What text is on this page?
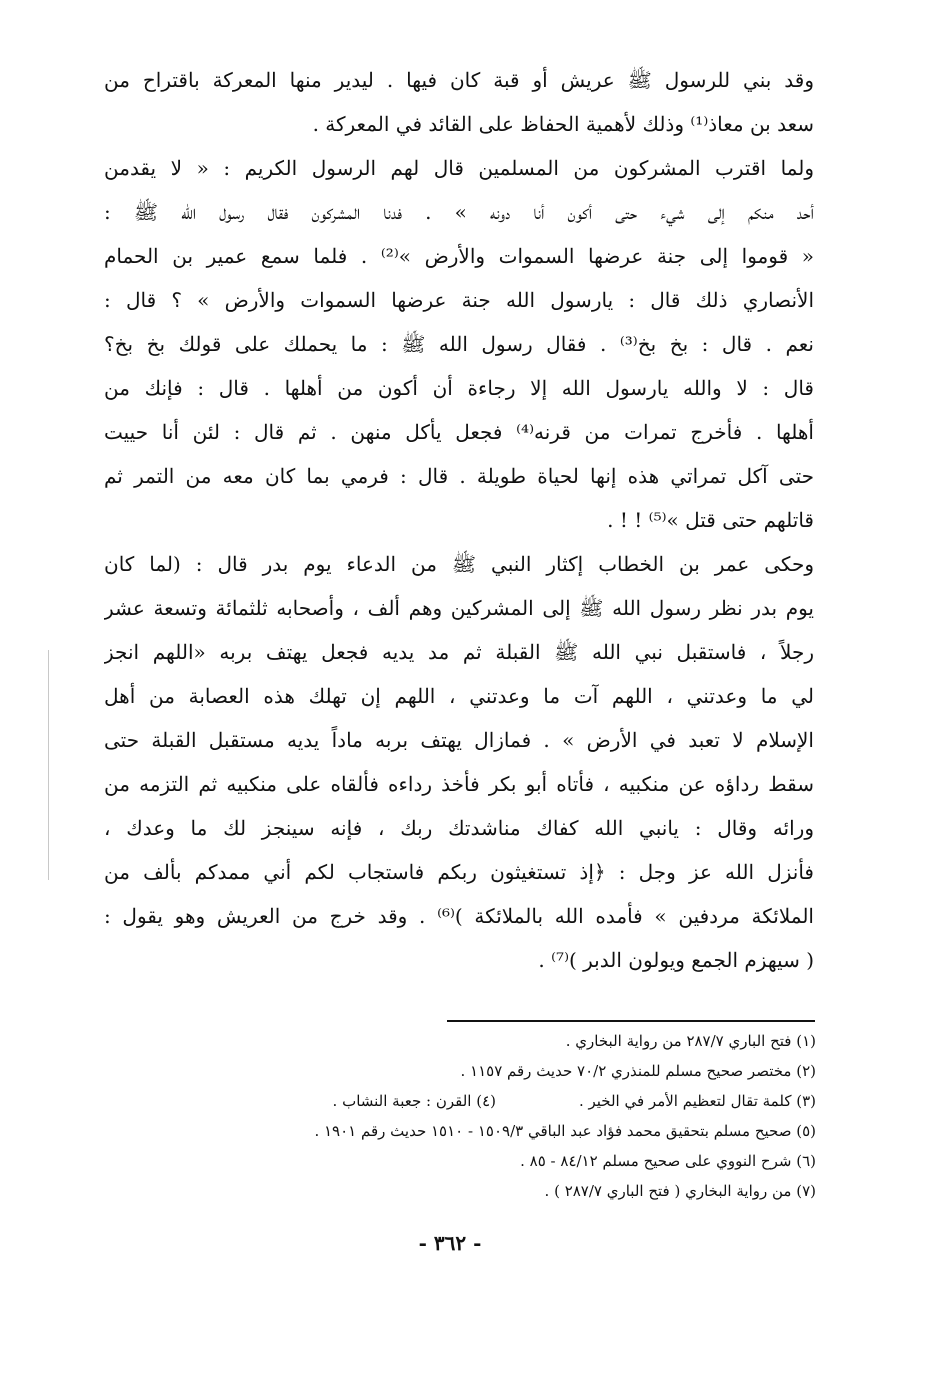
وقد بني للرسول ﷺ عريش أو قبة كان فيها . ليدير منها المعركة باقتراح من
سعد بن معاذ⁽¹⁾ وذلك لأهمية الحفاظ على القائد في المعركة .
ولما اقترب المشركون من المسلمين قال لهم الرسول الكريم : « لا يقدمن
أحد منكم إلى شيء حتى أكون أنا دونه » . فدنا المشركون فقال رسول الله ﷺ :
« قوموا إلى جنة عرضها السموات والأرض »⁽²⁾ . فلما سمع عمير بن الحمام
الأنصاري ذلك قال : يارسول الله جنة عرضها السموات والأرض » ؟ قال :
نعم . قال : بخ بخ⁽³⁾ . فقال رسول الله ﷺ : ما يحملك على قولك بخ بخ؟
قال : لا والله يارسول الله إلا رجاءة أن أكون من أهلها . قال : فإنك من
أهلها . فأخرج تمرات من قرنه⁽⁴⁾ فجعل يأكل منهن . ثم قال : لئن أنا حييت
حتى آكل تمراتي هذه إنها لحياة طويلة . قال : فرمي بما كان معه من التمر ثم
قاتلهم حتى قتل »⁽⁵⁾ ! ! .
وحكى عمر بن الخطاب إكثار النبي ﷺ من الدعاء يوم بدر قال : (لما كان
يوم بدر نظر رسول الله ﷺ إلى المشركين وهم ألف ، وأصحابه ثلثمائة وتسعة عشر
رجلاً ، فاستقبل نبي الله ﷺ القبلة ثم مد يديه فجعل يهتف بربه «اللهم انجز
لي ما وعدتني ، اللهم آت ما وعدتني ، اللهم إن تهلك هذه العصابة من أهل
الإسلام لا تعبد في الأرض » . فمازال يهتف بربه ماداً يديه مستقبل القبلة حتى
سقط رداؤه عن منكبيه ، فأتاه أبو بكر فأخذ رداءه فألقاه على منكبيه ثم التزمه من
ورائه وقال : يانبي الله كفاك مناشدتك ربك ، فإنه سينجز لك ما وعدك ،
فأنزل الله عز وجل : ﴿إذ تستغيثون ربكم فاستجاب لكم أني ممدكم بألف من
الملائكة مردفين » فأمده الله بالملائكة )⁽⁶⁾ . وقد خرج من العريش وهو يقول :
( سيهزم الجمع ويولون الدبر )⁽⁷⁾ .
(١) فتح الباري ٢٨٧/٧ من رواية البخاري .
(٢) مختصر صحيح مسلم للمنذري ٧٠/٢ حديث رقم ١١٥٧ .
(٣) كلمة تقال لتعظيم الأمر في الخير .
(٤) القرن : جعبة النشاب .
(٥) صحيح مسلم بتحقيق محمد فؤاد عبد الباقي ١٥٠٩/٣ - ١٥١٠ حديث رقم ١٩٠١ .
(٦) شرح النووي على صحيح مسلم ٨٤/١٢ - ٨٥ .
(٧) من رواية البخاري ( فتح الباري ٢٨٧/٧ ) .
- ٣٦٢ -
